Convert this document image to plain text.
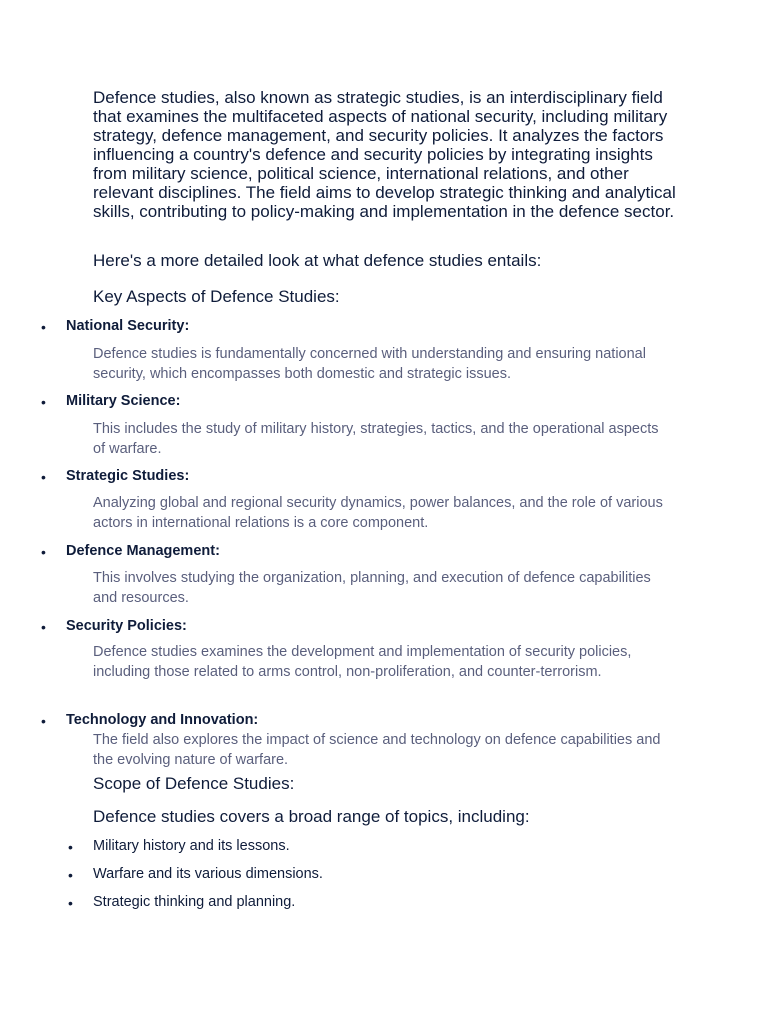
Defence studies, also known as strategic studies, is an interdisciplinary field that examines the multifaceted aspects of national security, including military strategy, defence management, and security policies. It analyzes the factors influencing a country's defence and security policies by integrating insights from military science, political science, international relations, and other relevant disciplines. The field aims to develop strategic thinking and analytical skills, contributing to policy-making and implementation in the defence sector.

Here's a more detailed look at what defence studies entails:

Key Aspects of Defence Studies:
• National Security:

Defence studies is fundamentally concerned with understanding and ensuring national security, which encompasses both domestic and strategic issues.

• Military Science:

This includes the study of military history, strategies, tactics, and the operational aspects of warfare.

• Strategic Studies:

Analyzing global and regional security dynamics, power balances, and the role of various actors in international relations is a core component.

• Defence Management:

This involves studying the organization, planning, and execution of defence capabilities and resources.

• Security Policies:

Defence studies examines the development and implementation of security policies, including those related to arms control, non-proliferation, and counter-terrorism.

• Technology and Innovation:

The field also explores the impact of science and technology on defence capabilities and the evolving nature of warfare.

Scope of Defence Studies:

Defence studies covers a broad range of topics, including:

• Military history and its lessons.
• Warfare and its various dimensions.
• Strategic thinking and planning.
